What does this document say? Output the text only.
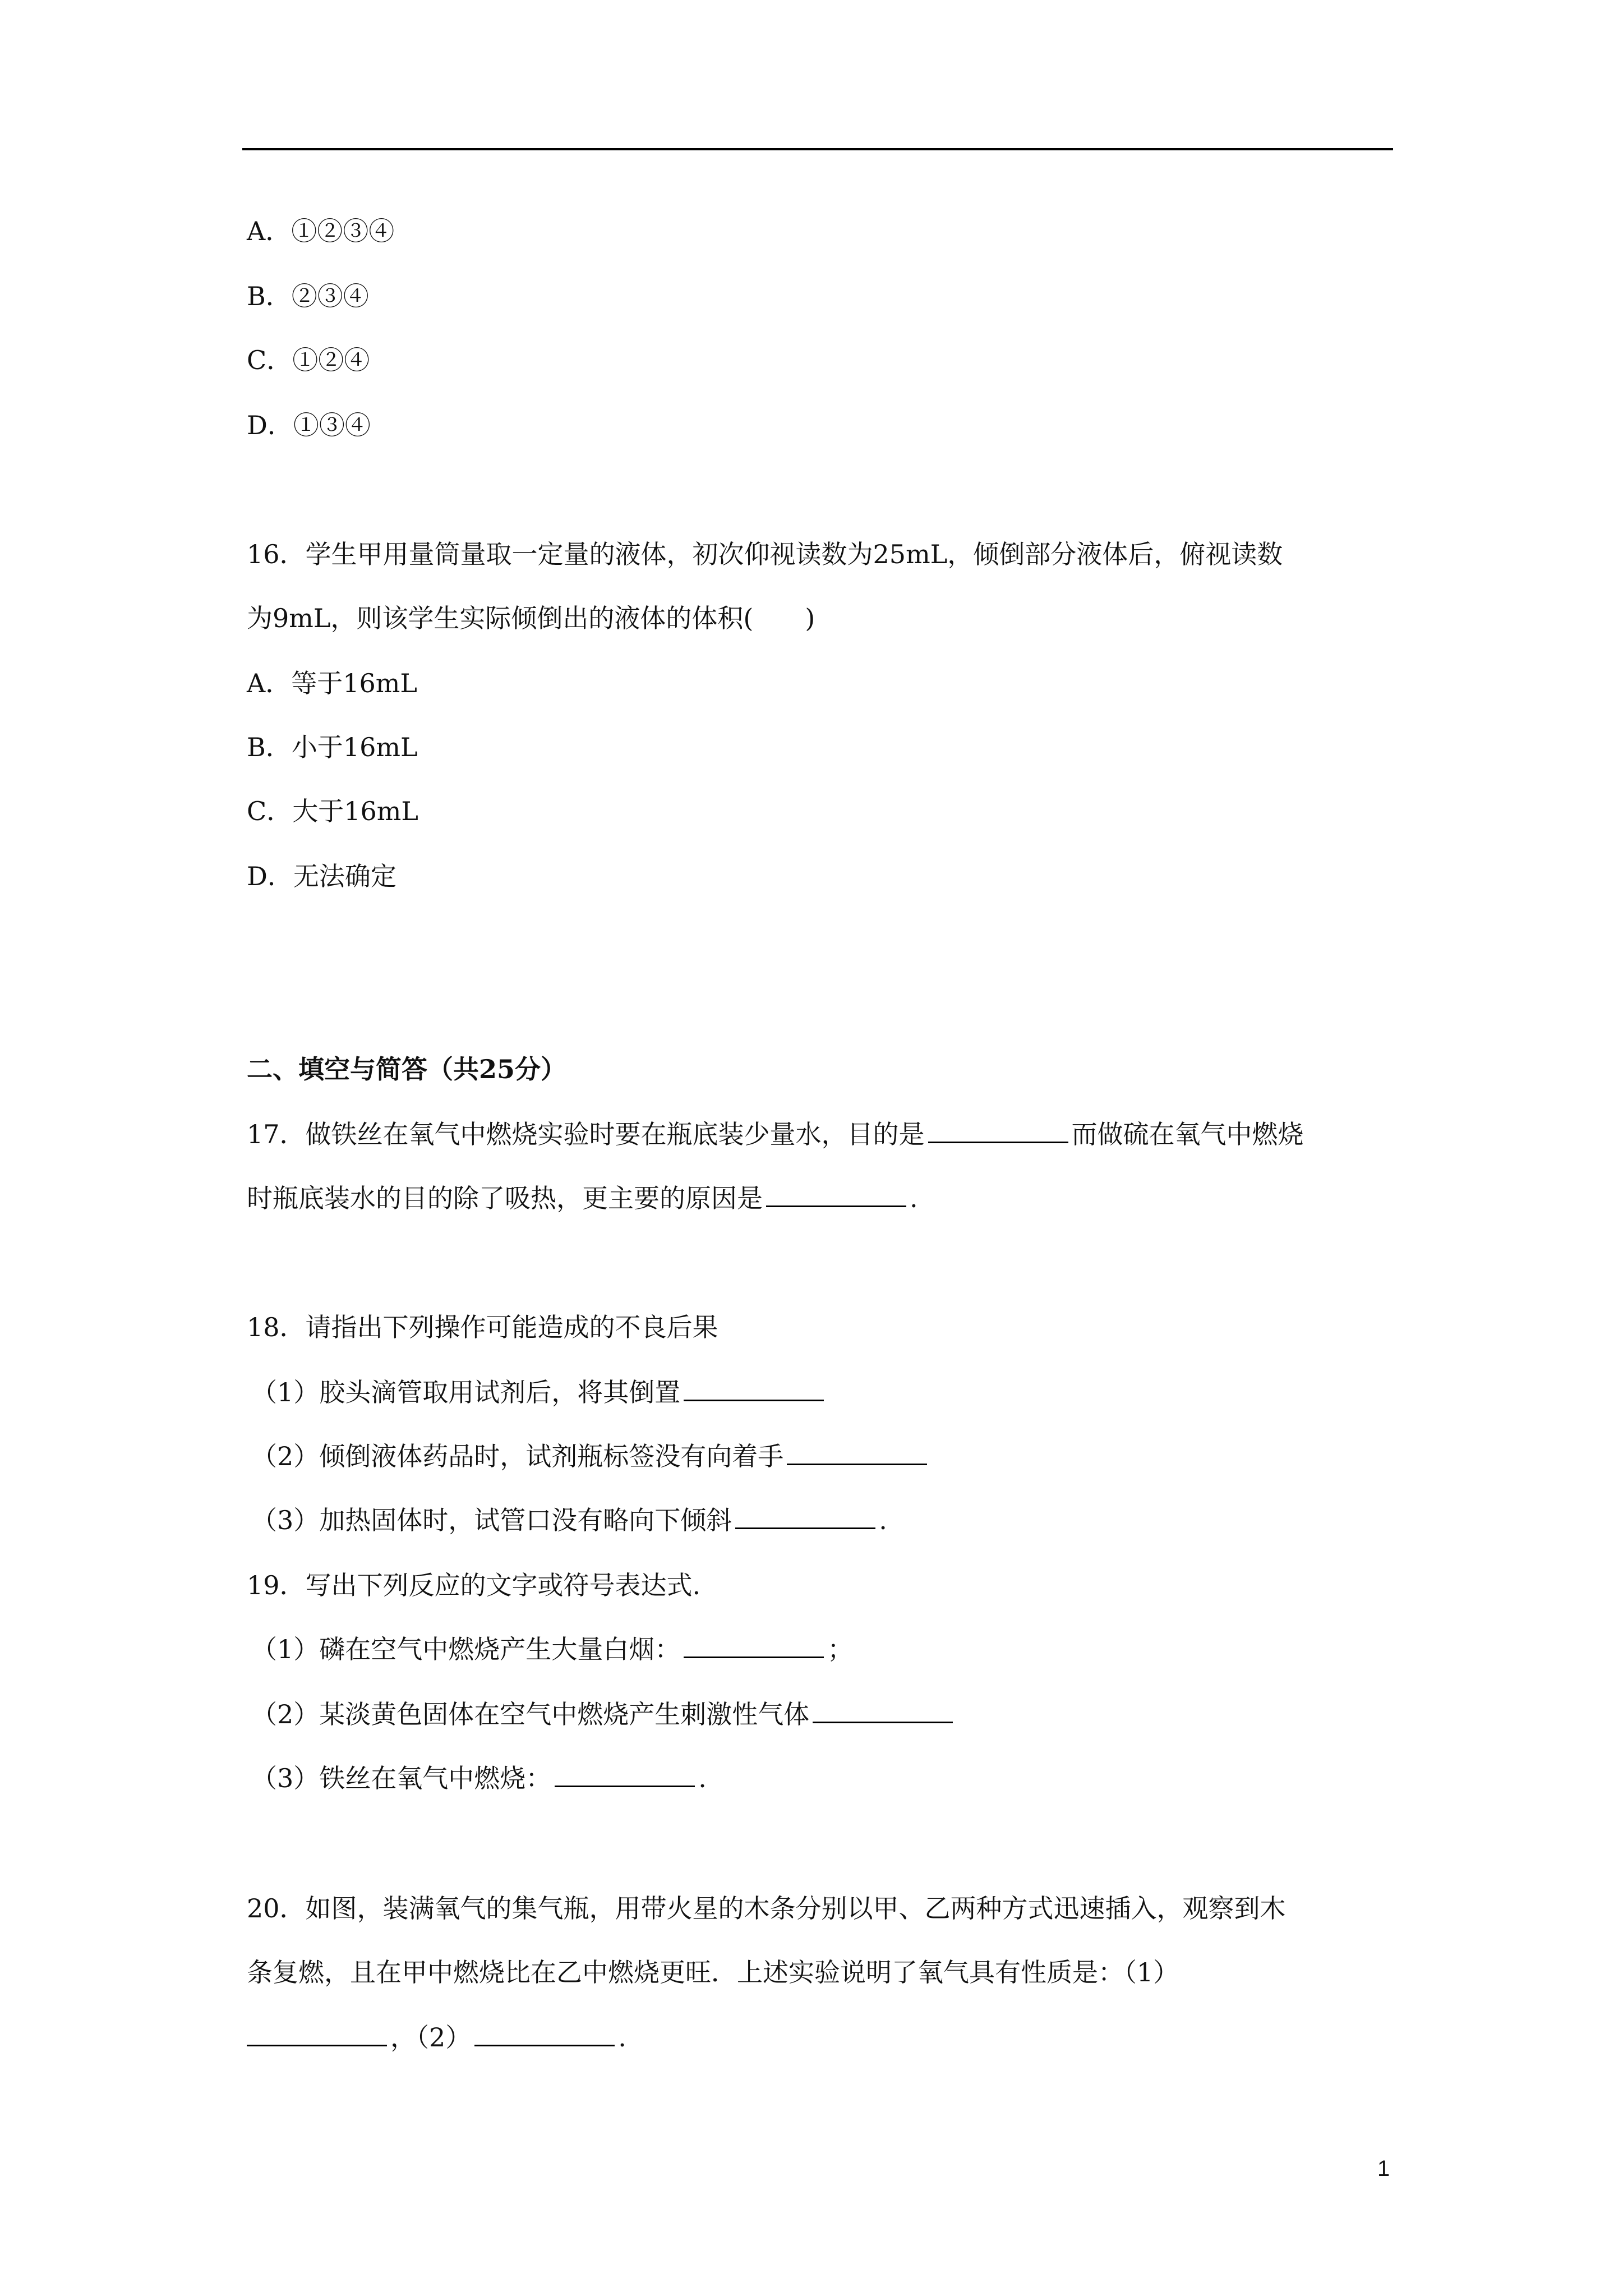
A．①②③④
B．②③④
C．①②④
D．①③④
16．学生甲用量筒量取一定量的液体，初次仰视读数为25mL，倾倒部分液体后，俯视读数
为9mL，则该学生实际倾倒出的液体的体积(　　)
A．等于16mL
B．小于16mL
C．大于16mL
D．无法确定
二、填空与简答（共25分）
17．做铁丝在氧气中燃烧实验时要在瓶底装少量水，目的是	而做硫在氧气中燃烧
时瓶底装水的目的除了吸热，更主要的原因是	.
18．请指出下列操作可能造成的不良后果
（1）胶头滴管取用试剂后，将其倒置
（2）倾倒液体药品时，试剂瓶标签没有向着手
（3）加热固体时，试管口没有略向下倾斜	.
19．写出下列反应的文字或符号表达式.
（1）磷在空气中燃烧产生大量白烟：	；
（2）某淡黄色固体在空气中燃烧产生刺激性气体
（3）铁丝在氧气中燃烧：	.
20．如图，装满氧气的集气瓶，用带火星的木条分别以甲、乙两种方式迅速插入，观察到木
条复燃，且在甲中燃烧比在乙中燃烧更旺．上述实验说明了氧气具有性质是：（1）
，（2）	.
1
